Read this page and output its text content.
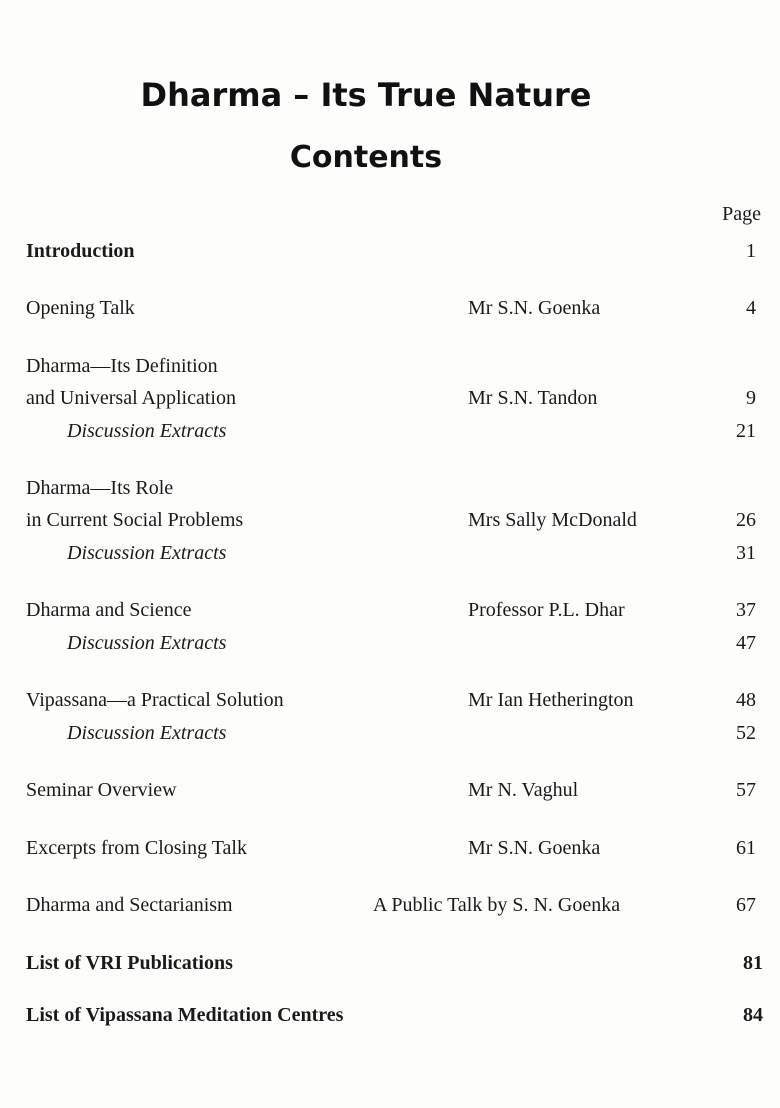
Dharma – Its True Nature
Contents
Page
Introduction	1
Opening Talk	Mr S.N. Goenka	4
Dharma—Its Definition
and Universal Application	Mr S.N. Tandon	9
Discussion Extracts	21
Dharma—Its Role
in Current Social Problems	Mrs Sally McDonald	26
Discussion Extracts	31
Dharma and Science	Professor P.L. Dhar	37
Discussion Extracts	47
Vipassana—a Practical Solution	Mr Ian Hetherington	48
Discussion Extracts	52
Seminar Overview	Mr N. Vaghul	57
Excerpts from Closing Talk	Mr S.N. Goenka	61
Dharma and Sectarianism	A Public Talk by S. N. Goenka	67
List of VRI Publications	81
List of Vipassana Meditation Centres	84
